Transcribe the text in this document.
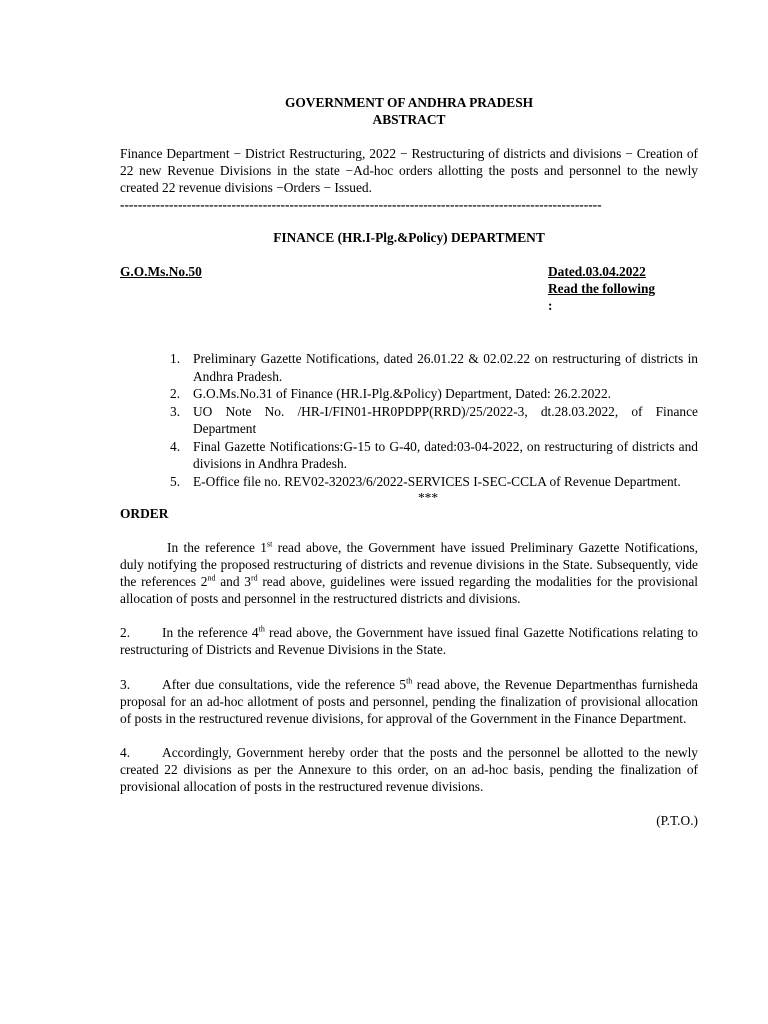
GOVERNMENT OF ANDHRA PRADESH
ABSTRACT
Finance Department − District Restructuring, 2022 − Restructuring of districts and divisions − Creation of 22 new Revenue Divisions in the state −Ad-hoc orders allotting the posts and personnel to the newly created 22 revenue divisions −Orders − Issued.
------------------------------------------------------------------------------------------------------------
FINANCE (HR.I-Plg.&Policy) DEPARTMENT
G.O.Ms.No.50	Dated.03.04.2022
Read the following
:
1. Preliminary Gazette Notifications, dated 26.01.22 & 02.02.22 on restructuring of districts in Andhra Pradesh.
2. G.O.Ms.No.31 of Finance (HR.I-Plg.&Policy) Department, Dated: 26.2.2022.
3. UO Note No. /HR-I/FIN01-HR0PDPP(RRD)/25/2022-3, dt.28.03.2022, of Finance Department
4. Final Gazette Notifications:G-15 to G-40, dated:03-04-2022, on restructuring of districts and divisions in Andhra Pradesh.
5. E-Office file no. REV02-32023/6/2022-SERVICES I-SEC-CCLA of Revenue Department.
***
ORDER
In the reference 1st read above, the Government have issued Preliminary Gazette Notifications, duly notifying the proposed restructuring of districts and revenue divisions in the State. Subsequently, vide the references 2nd and 3rd read above, guidelines were issued regarding the modalities for the provisional allocation of posts and personnel in the restructured districts and divisions.
2. In the reference 4th read above, the Government have issued final Gazette Notifications relating to restructuring of Districts and Revenue Divisions in the State.
3. After due consultations, vide the reference 5th read above, the Revenue Departmenthas furnisheda proposal for an ad-hoc allotment of posts and personnel, pending the finalization of provisional allocation of posts in the restructured revenue divisions, for approval of the Government in the Finance Department.
4. Accordingly, Government hereby order that the posts and the personnel be allotted to the newly created 22 divisions as per the Annexure to this order, on an ad-hoc basis, pending the finalization of provisional allocation of posts in the restructured revenue divisions.
(P.T.O.)
